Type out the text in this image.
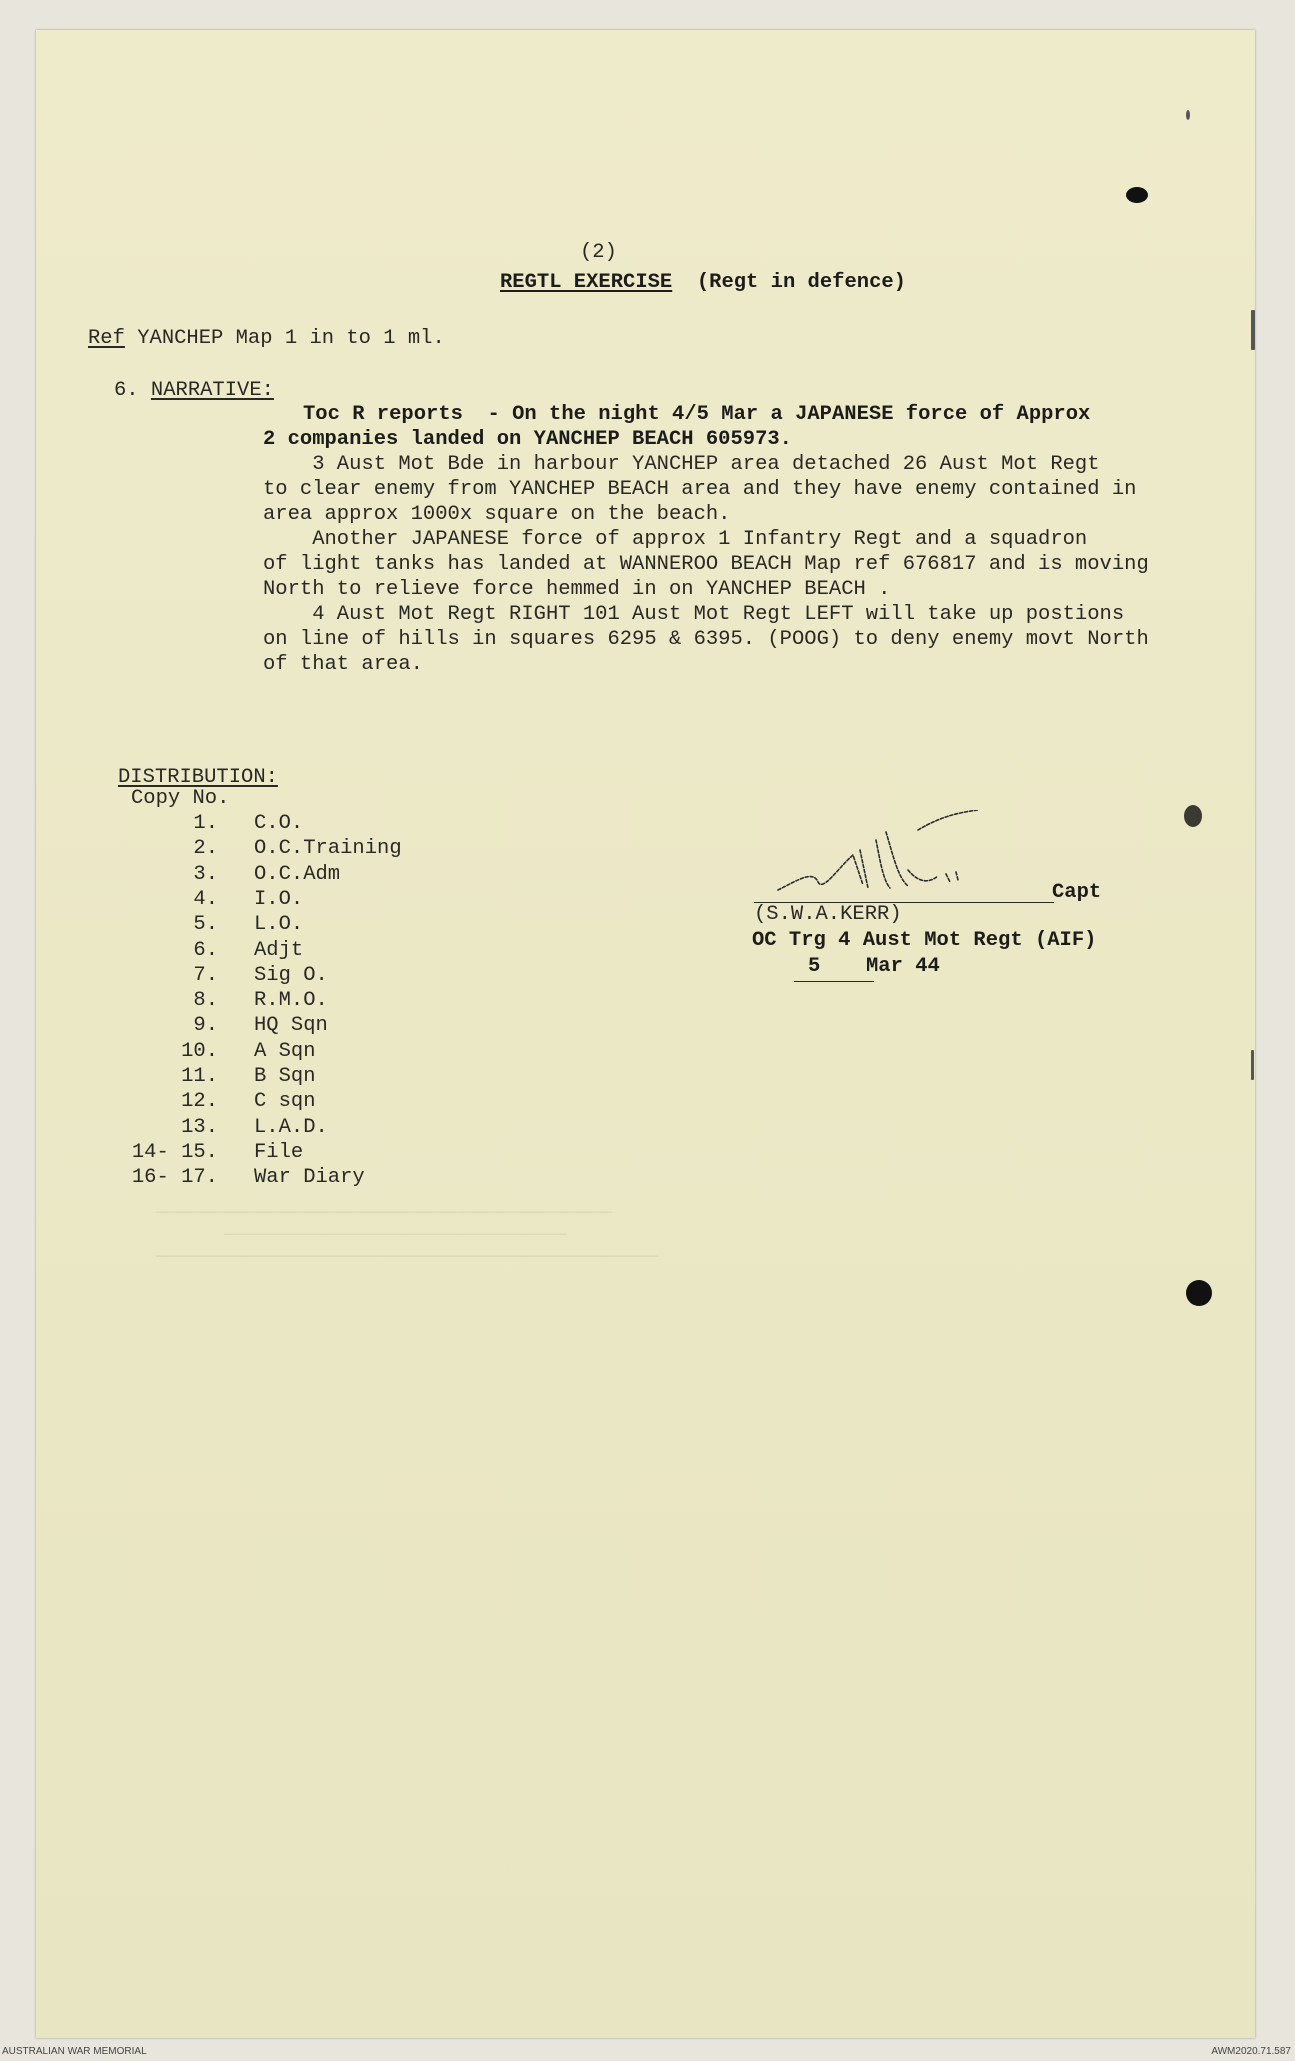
────────────────────────────────────────
──────────────────────────────
────────────────────────────────────────────

(2)
REGTL EXERCISE (Regt in defence)
Ref YANCHEP Map 1 in to 1 ml.
6. NARRATIVE:
Toc R reports  - On the night 4/5 Mar a JAPANESE force of Approx
2 companies landed on YANCHEP BEACH 605973.
3 Aust Mot Bde in harbour YANCHEP area detached 26 Aust Mot Regt
to clear enemy from YANCHEP BEACH area and they have enemy contained in
area approx 1000x square on the beach.
Another JAPANESE force of approx 1 Infantry Regt and a squadron
of light tanks has landed at WANNEROO BEACH Map ref 676817 and is moving
North to relieve force hemmed in on YANCHEP BEACH .
4 Aust Mot Regt RIGHT 101 Aust Mot Regt LEFT will take up postions
on line of hills in squares 6295 & 6395. (POOG) to deny enemy movt North
of that area.
DISTRIBUTION:
Copy No.
1. C.O.
2. O.C.Training
3. O.C.Adm
4. I.O.
5. L.O.
6. Adjt
7. Sig O.
8. R.M.O.
9. HQ Sqn
10. A Sqn
11. B Sqn
12. C sqn
13. L.A.D.
14- 15. File
16- 17. War Diary
Capt
(S.W.A.KERR)
OC Trg 4 Aust Mot Regt (AIF)
5 Mar 44
AUSTRALIAN WAR MEMORIAL	AWM2020.71.587
